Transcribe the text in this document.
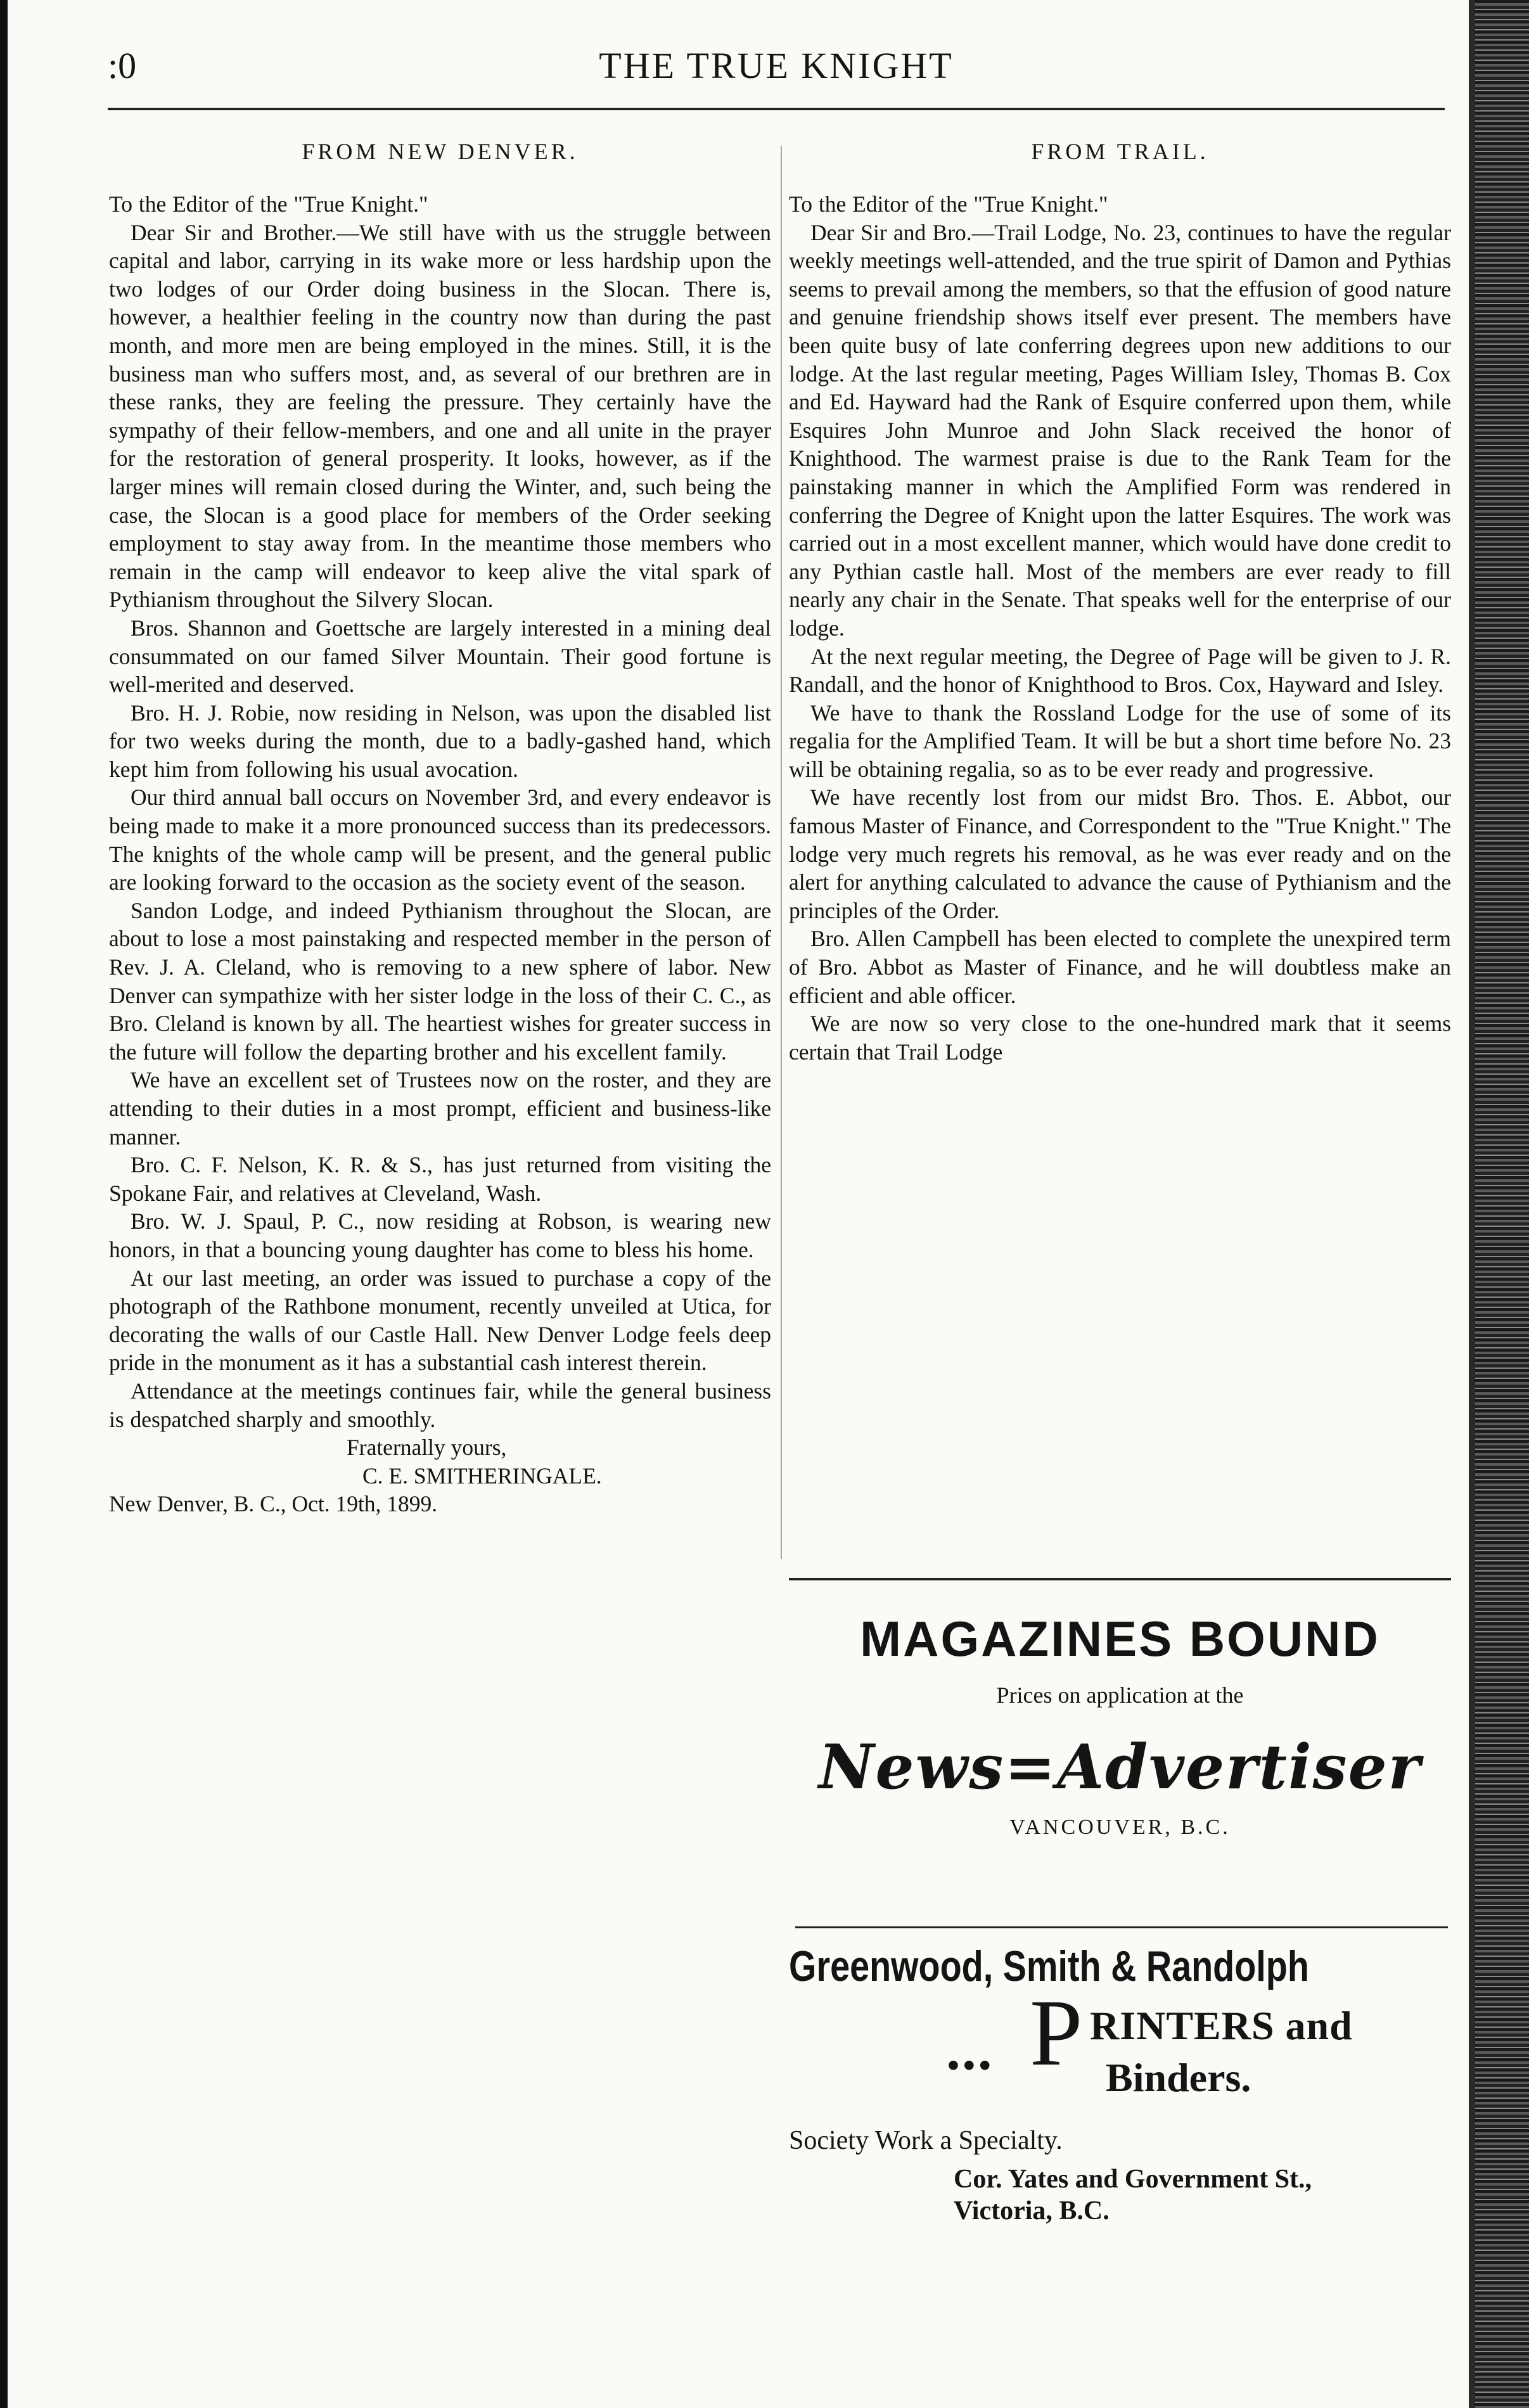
:0	THE TRUE KNIGHT
FROM NEW DENVER.

To the Editor of the "True Knight."

Dear Sir and Brother.—We still have with us the struggle between capital and labor, carrying in its wake more or less hardship upon the two lodges of our Order doing business in the Slocan. There is, however, a healthier feeling in the country now than during the past month, and more men are being employed in the mines. Still, it is the business man who suffers most, and, as several of our brethren are in these ranks, they are feeling the pressure. They certainly have the sympathy of their fellow-members, and one and all unite in the prayer for the restoration of general prosperity. It looks, however, as if the larger mines will remain closed during the Winter, and, such being the case, the Slocan is a good place for members of the Order seeking employment to stay away from. In the meantime those members who remain in the camp will endeavor to keep alive the vital spark of Pythianism throughout the Silvery Slocan.

Bros. Shannon and Goettsche are largely interested in a mining deal consummated on our famed Silver Mountain. Their good fortune is well-merited and deserved.

Bro. H. J. Robie, now residing in Nelson, was upon the disabled list for two weeks during the month, due to a badly-gashed hand, which kept him from following his usual avocation.

Our third annual ball occurs on November 3rd, and every endeavor is being made to make it a more pronounced success than its predecessors. The knights of the whole camp will be present, and the general public are looking forward to the occasion as the society event of the season.

Sandon Lodge, and indeed Pythianism throughout the Slocan, are about to lose a most painstaking and respected member in the person of Rev. J. A. Cleland, who is removing to a new sphere of labor. New Denver can sympathize with her sister lodge in the loss of their C. C., as Bro. Cleland is known by all. The heartiest wishes for greater success in the future will follow the departing brother and his excellent family.

We have an excellent set of Trustees now on the roster, and they are attending to their duties in a most prompt, efficient and business-like manner.

Bro. C. F. Nelson, K. R. & S., has just returned from visiting the Spokane Fair, and relatives at Cleveland, Wash.

Bro. W. J. Spaul, P. C., now residing at Robson, is wearing new honors, in that a bouncing young daughter has come to bless his home.

At our last meeting, an order was issued to purchase a copy of the photograph of the Rathbone monument, recently unveiled at Utica, for decorating the walls of our Castle Hall. New Denver Lodge feels deep pride in the monument as it has a substantial cash interest therein.

Attendance at the meetings continues fair, while the general business is despatched sharply and smoothly.

Fraternally yours,
C. E. SMITHERINGALE.
New Denver, B. C., Oct. 19th, 1899.
FROM TRAIL.

To the Editor of the "True Knight."

Dear Sir and Bro.—Trail Lodge, No. 23, continues to have the regular weekly meetings well-attended, and the true spirit of Damon and Pythias seems to prevail among the members, so that the effusion of good nature and genuine friendship shows itself ever present. The members have been quite busy of late conferring degrees upon new additions to our lodge. At the last regular meeting, Pages William Isley, Thomas B. Cox and Ed. Hayward had the Rank of Esquire conferred upon them, while Esquires John Munroe and John Slack received the honor of Knighthood. The warmest praise is due to the Rank Team for the painstaking manner in which the Amplified Form was rendered in conferring the Degree of Knight upon the latter Esquires. The work was carried out in a most excellent manner, which would have done credit to any Pythian castle hall. Most of the members are ever ready to fill nearly any chair in the Senate. That speaks well for the enterprise of our lodge.

At the next regular meeting, the Degree of Page will be given to J. R. Randall, and the honor of Knighthood to Bros. Cox, Hayward and Isley.

We have to thank the Rossland Lodge for the use of some of its regalia for the Amplified Team. It will be but a short time before No. 23 will be obtaining regalia, so as to be ever ready and progressive.

We have recently lost from our midst Bro. Thos. E. Abbot, our famous Master of Finance, and Correspondent to the "True Knight." The lodge very much regrets his removal, as he was ever ready and on the alert for anything calculated to advance the cause of Pythianism and the principles of the Order.

Bro. Allen Campbell has been elected to complete the unexpired term of Bro. Abbot as Master of Finance, and he will doubtless make an efficient and able officer.

We are now so very close to the one-hundred mark that it seems certain that Trail Lodge

MAGAZINES BOUND
Prices on application at the
News=Advertiser
VANCOUVER, B.C.
Greenwood, Smith & Randolph
••• P RINTERS and
Binders.
Society Work a Specialty.
Cor. Yates and Government St.,
Victoria, B.C.
